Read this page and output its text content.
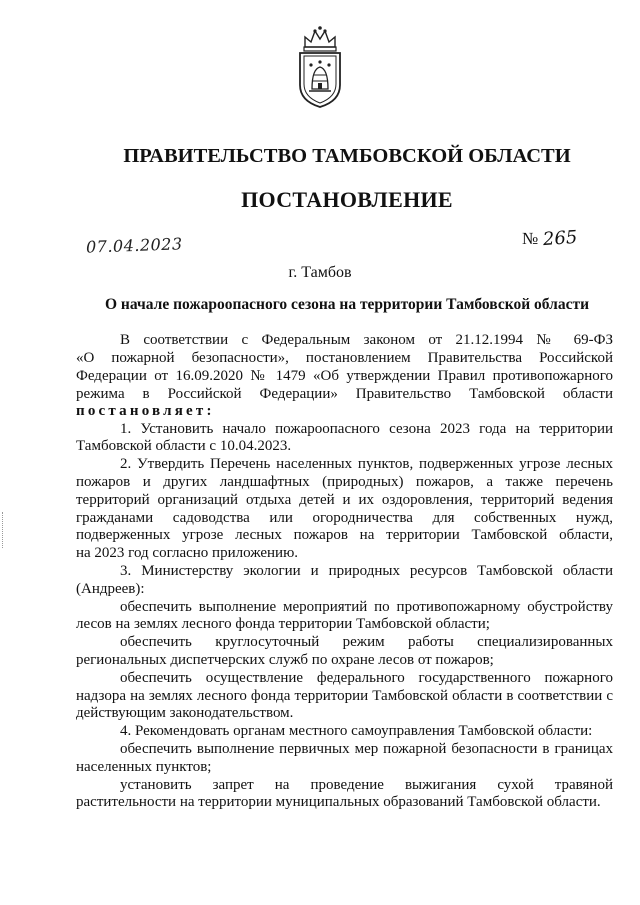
ПРАВИТЕЛЬСТВО ТАМБОВСКОЙ ОБЛАСТИ
ПОСТАНОВЛЕНИЕ
07.04.2023	№ 265
г. Тамбов
О начале пожароопасного сезона на территории Тамбовской области
В соответствии с Федеральным законом от 21.12.1994 № 69-ФЗ
«О пожарной безопасности», постановлением Правительства Российской
Федерации от 16.09.2020 № 1479 «Об утверждении Правил противопожарного
режима в Российской Федерации» Правительство Тамбовской области
постановляет:
1. Установить начало пожароопасного сезона 2023 года на территории
Тамбовской области с 10.04.2023.
2. Утвердить Перечень населенных пунктов, подверженных угрозе лесных
пожаров и других ландшафтных (природных) пожаров, а также перечень
территорий организаций отдыха детей и их оздоровления, территорий ведения
гражданами садоводства или огородничества для собственных нужд,
подверженных угрозе лесных пожаров на территории Тамбовской области,
на 2023 год согласно приложению.
3. Министерству экологии и природных ресурсов Тамбовской области
(Андреев):
обеспечить выполнение мероприятий по противопожарному обустройству
лесов на землях лесного фонда территории Тамбовской области;
обеспечить круглосуточный режим работы специализированных
региональных диспетчерских служб по охране лесов от пожаров;
обеспечить осуществление федерального государственного пожарного
надзора на землях лесного фонда территории Тамбовской области в соответствии с
действующим законодательством.
4. Рекомендовать органам местного самоуправления Тамбовской области:
обеспечить выполнение первичных мер пожарной безопасности в границах
населенных пунктов;
установить запрет на проведение выжигания сухой травяной
растительности на территории муниципальных образований Тамбовской области.
